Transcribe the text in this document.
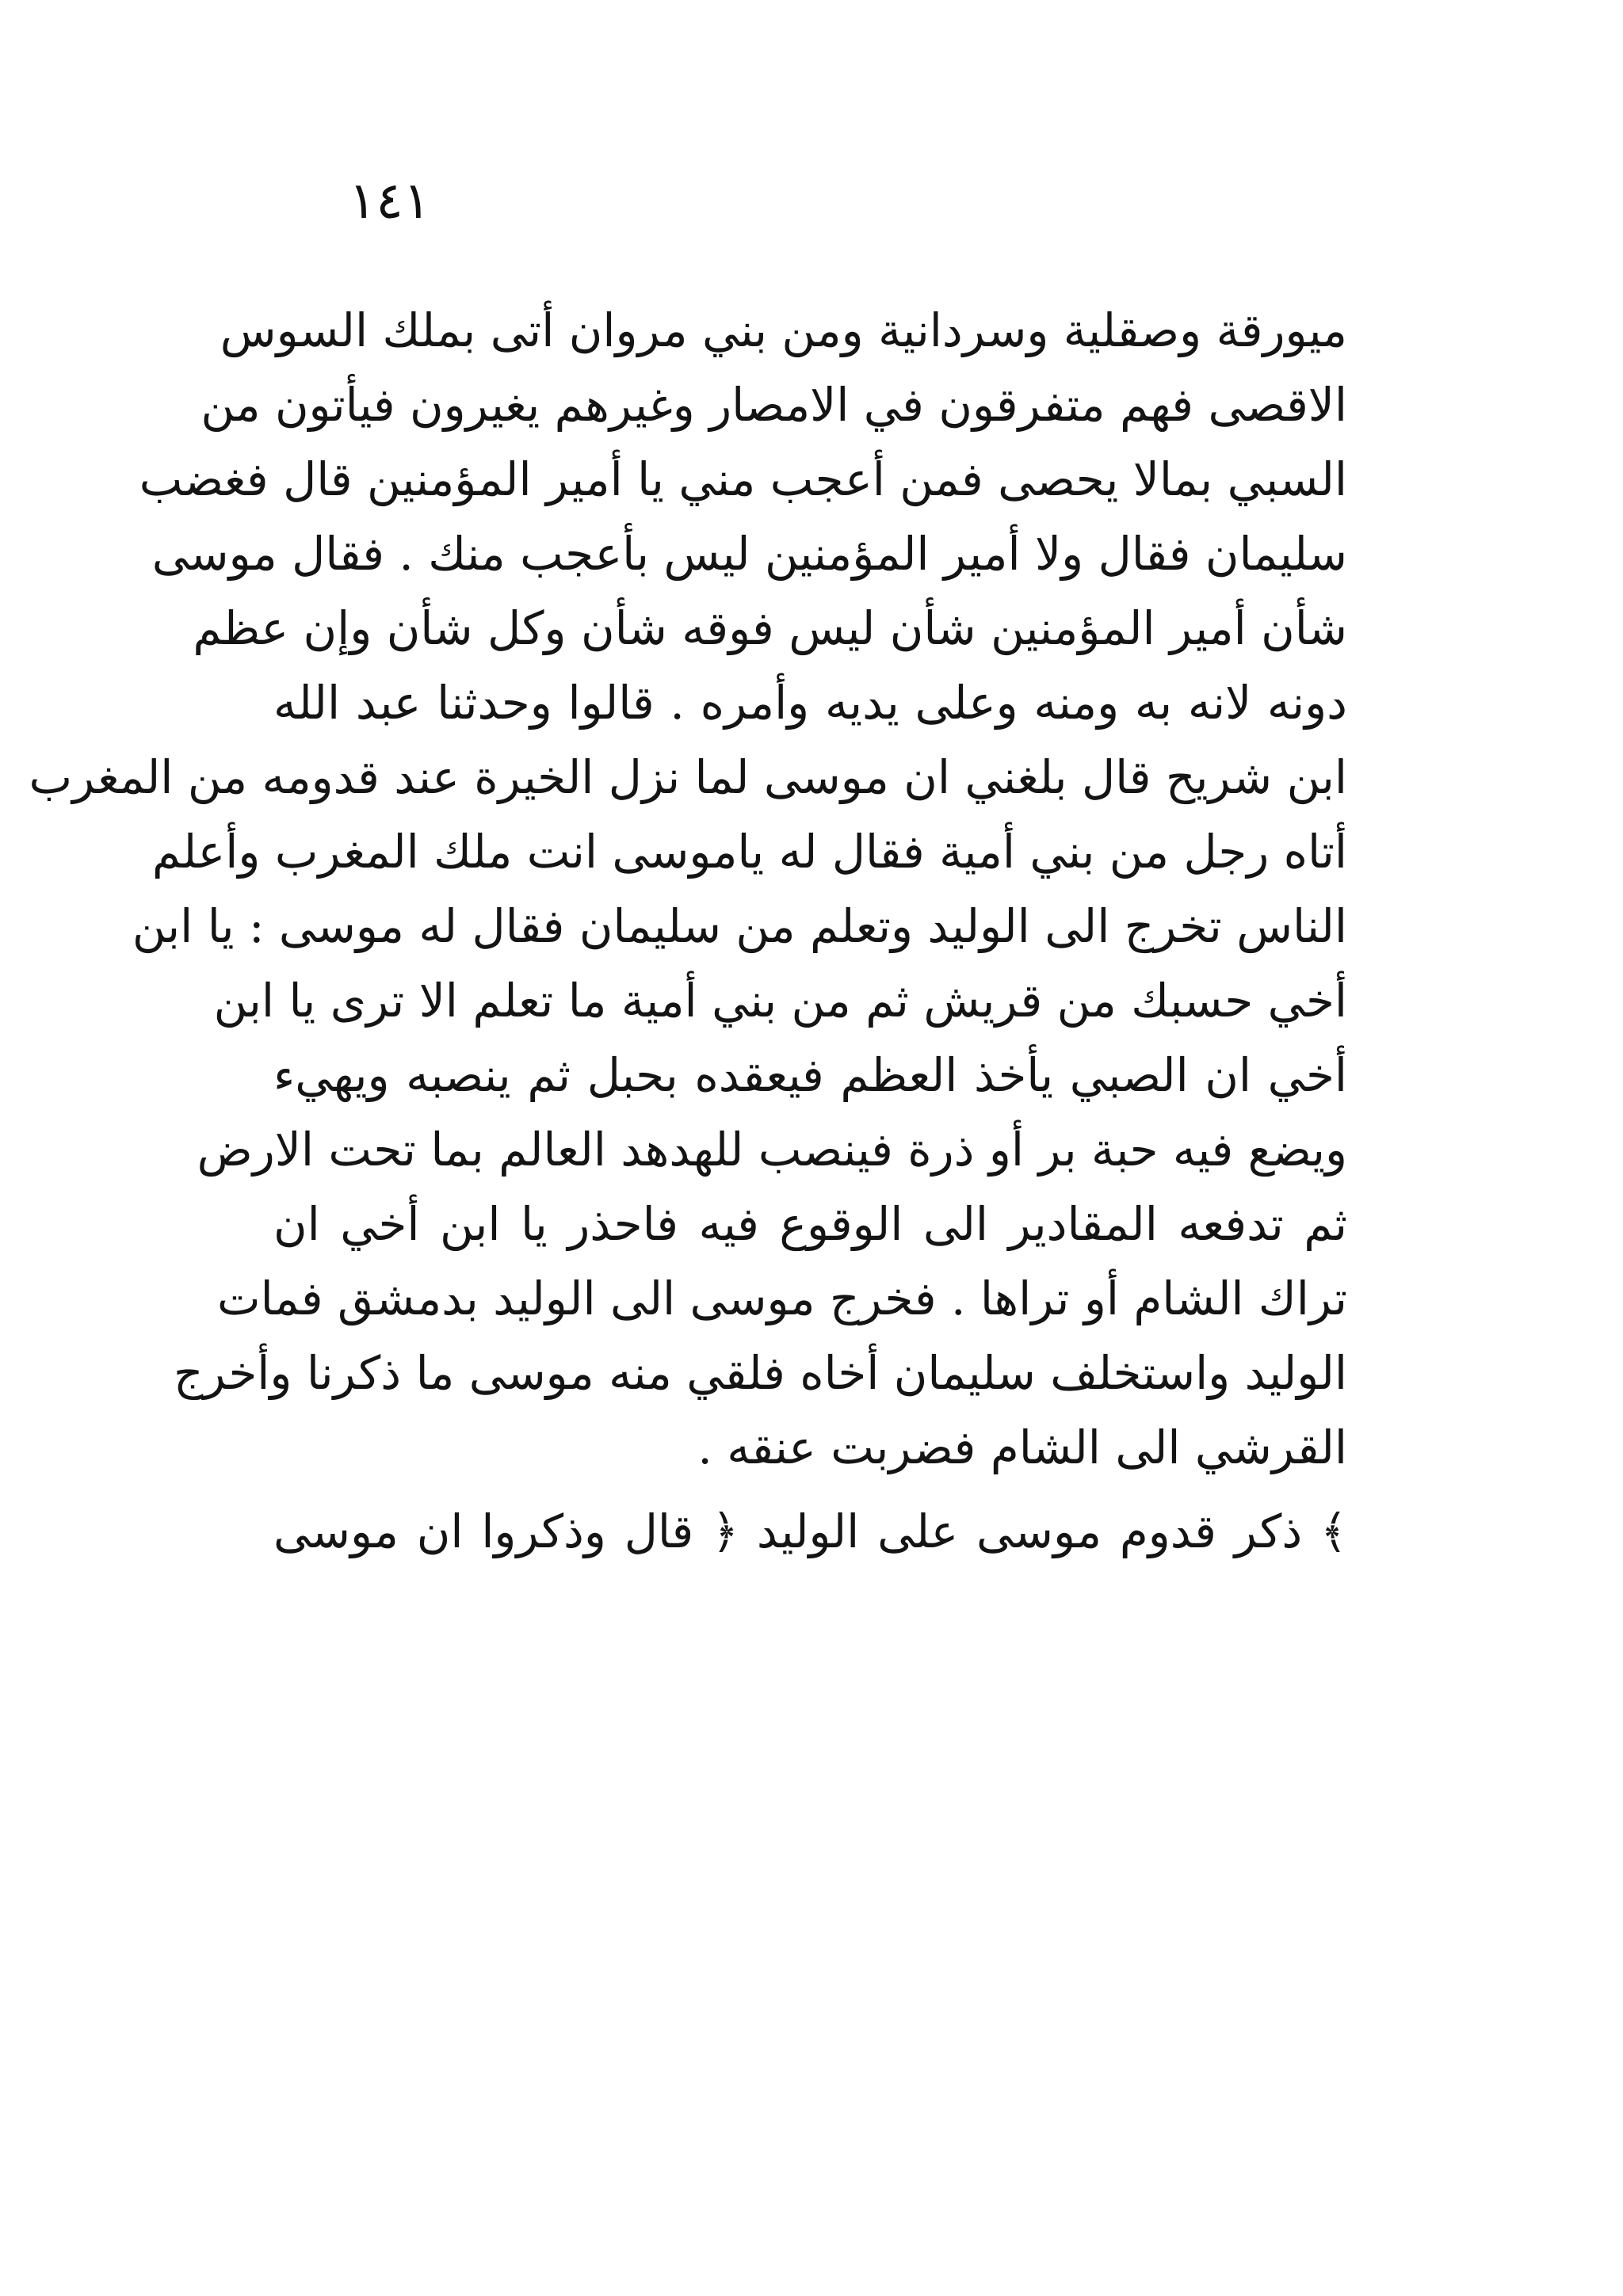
١٤١
ميورقة وصقلية وسردانية ومن بني مروان أتى بملك السوس
الاقصى فهم متفرقون في الامصار وغيرهم يغيرون فيأتون من
السبي بمالا يحصى فمن أعجب مني يا أمير المؤمنين قال فغضب
سليمان فقال ولا أمير المؤمنين ليس بأعجب منك . فقال موسى
شأن أمير المؤمنين شأن ليس فوقه شأن وكل شأن وإن عظم
دونه لانه به ومنه وعلى يديه وأمره . قالوا وحدثنا عبد الله
ابن شريح قال بلغني ان موسى لما نزل الخيرة عند قدومه من المغرب
أتاه رجل من بني أمية فقال له ياموسى انت ملك المغرب وأعلم
الناس تخرج الى الوليد وتعلم من سليمان فقال له موسى : يا ابن
أخي حسبك من قريش ثم من بني أمية ما تعلم الا ترى يا ابن
أخي ان الصبي يأخذ العظم فيعقده بحبل ثم ينصبه ويهيء
ويضع فيه حبة بر أو ذرة فينصب للهدهد العالم بما تحت الارض
ثم تدفعه المقادير الى الوقوع فيه فاحذر يا ابن أخي ان
تراك الشام أو تراها . فخرج موسى الى الوليد بدمشق فمات
الوليد واستخلف سليمان أخاه فلقي منه موسى ما ذكرنا وأخرج
القرشي الى الشام فضربت عنقه .
﴾ ذكر قدوم موسى على الوليد ﴿ قال وذكروا ان موسى
